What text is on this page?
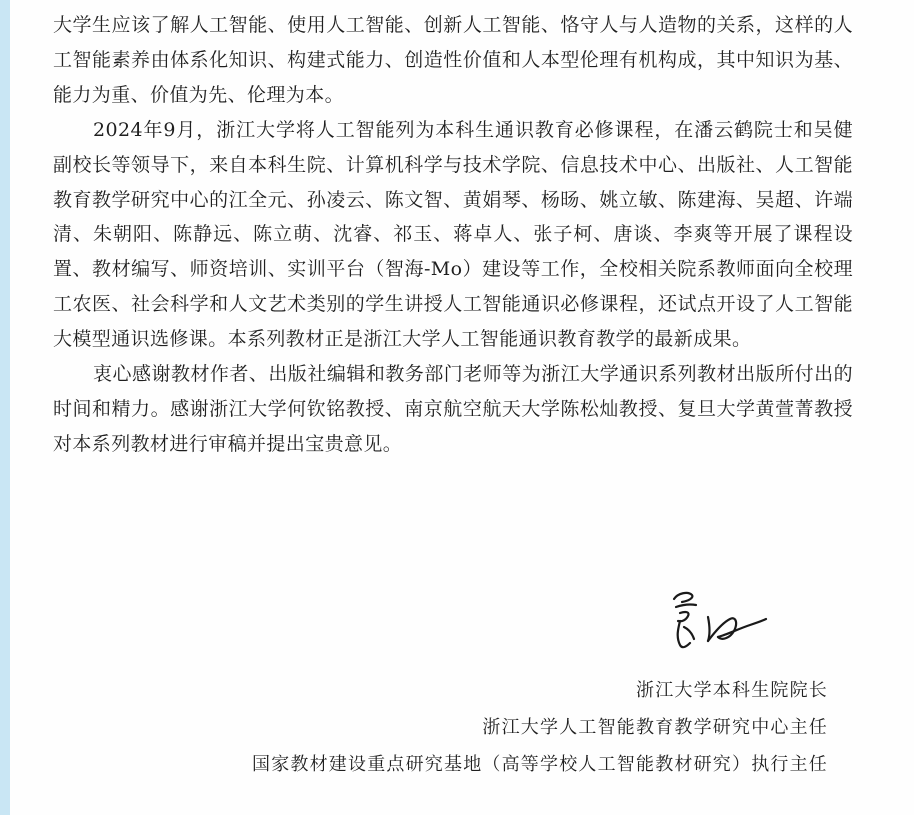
大学生应该了解人工智能、使用人工智能、创新人工智能、恪守人与人造物的关系，这样的人工智能素养由体系化知识、构建式能力、创造性价值和人本型伦理有机构成，其中知识为基、能力为重、价值为先、伦理为本。

2024年9月，浙江大学将人工智能列为本科生通识教育必修课程，在潘云鹤院士和吴健副校长等领导下，来自本科生院、计算机科学与技术学院、信息技术中心、出版社、人工智能教育教学研究中心的江全元、孙凌云、陈文智、黄娟琴、杨旸、姚立敏、陈建海、吴超、许端清、朱朝阳、陈静远、陈立萌、沈睿、祁玉、蒋卓人、张子柯、唐谈、李爽等开展了课程设置、教材编写、师资培训、实训平台（智海-Mo）建设等工作，全校相关院系教师面向全校理工农医、社会科学和人文艺术类别的学生讲授人工智能通识必修课程，还试点开设了人工智能大模型通识选修课。本系列教材正是浙江大学人工智能通识教育教学的最新成果。

衷心感谢教材作者、出版社编辑和教务部门老师等为浙江大学通识系列教材出版所付出的时间和精力。感谢浙江大学何钦铭教授、南京航空航天大学陈松灿教授、复旦大学黄萱菁教授对本系列教材进行审稿并提出宝贵意见。

浙江大学本科生院院长

浙江大学人工智能教育教学研究中心主任

国家教材建设重点研究基地（高等学校人工智能教材研究）执行主任
